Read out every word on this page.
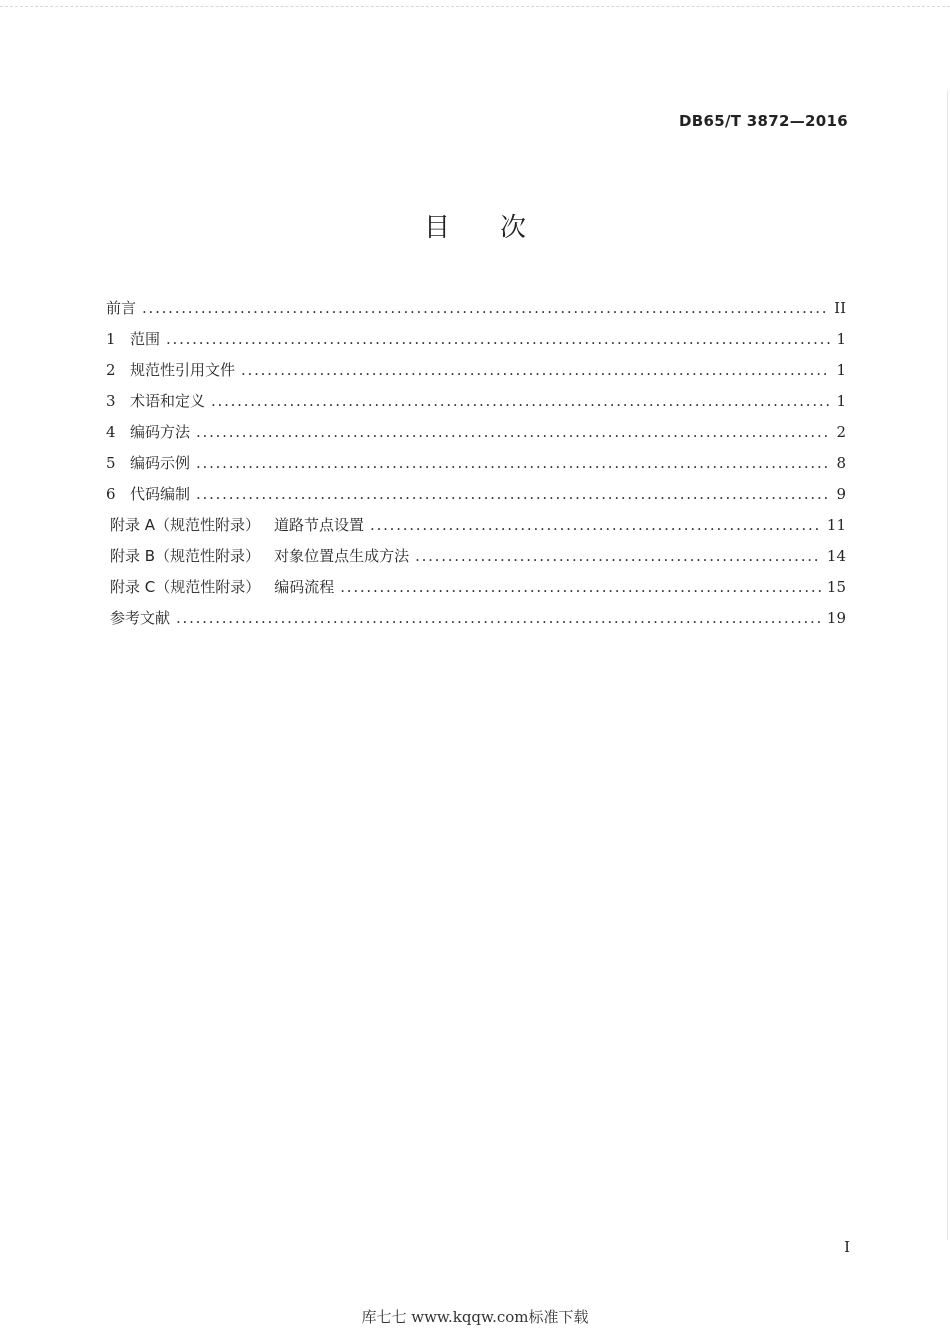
DB65/T 3872—2016
目 次
前言 . . .	II
1 范围 . . .	1
2 规范性引用文件 . . .	1
3 术语和定义 . . .	1
4 编码方法 . . .	2
5 编码示例 . . .	8
6 代码编制 . . .	9
附录 A（规范性附录） 道路节点设置 . . .	11
附录 B（规范性附录） 对象位置点生成方法 . . .	14
附录 C（规范性附录） 编码流程 . . .	15
参考文献 . . .	19
I
库七七 www.kqqw.com标准下载
